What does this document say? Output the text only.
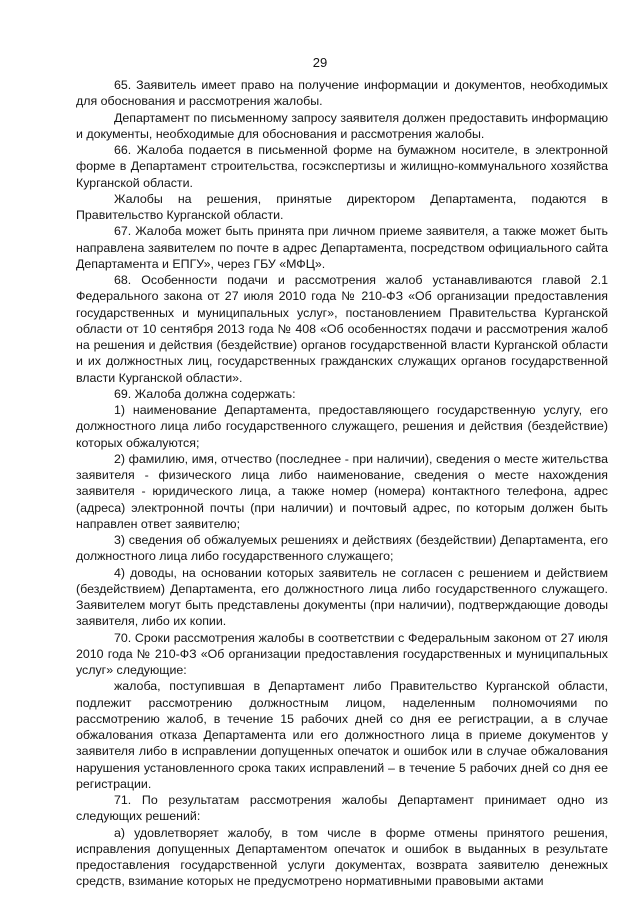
29

65. Заявитель имеет право на получение информации и документов, необходимых для обоснования и рассмотрения жалобы.

Департамент по письменному запросу заявителя должен предоставить информацию и документы, необходимые для обоснования и рассмотрения жалобы.

66. Жалоба подается в письменной форме на бумажном носителе, в электронной форме в Департамент строительства, госэкспертизы и жилищно-коммунального хозяйства Курганской области.

Жалобы на решения, принятые директором Департамента, подаются в Правительство Курганской области.

67. Жалоба может быть принята при личном приеме заявителя, а также может быть направлена заявителем по почте в адрес Департамента, посредством официального сайта Департамента и ЕПГУ», через ГБУ «МФЦ».

68. Особенности подачи и рассмотрения жалоб устанавливаются главой 2.1 Федерального закона от 27 июля 2010 года № 210-ФЗ «Об организации предоставления государственных и муниципальных услуг», постановлением Правительства Курганской области от 10 сентября 2013 года № 408 «Об особенностях подачи и рассмотрения жалоб на решения и действия (бездействие) органов государственной власти Курганской области и их должностных лиц, государственных гражданских служащих органов государственной власти Курганской области».

69. Жалоба должна содержать:

1) наименование Департамента, предоставляющего государственную услугу, его должностного лица либо государственного служащего, решения и действия (бездействие) которых обжалуются;

2) фамилию, имя, отчество (последнее - при наличии), сведения о месте жительства заявителя - физического лица либо наименование, сведения о месте нахождения заявителя - юридического лица, а также номер (номера) контактного телефона, адрес (адреса) электронной почты (при наличии) и почтовый адрес, по которым должен быть направлен ответ заявителю;

3) сведения об обжалуемых решениях и действиях (бездействии) Департамента, его должностного лица либо государственного служащего;

4) доводы, на основании которых заявитель не согласен с решением и действием (бездействием) Департамента, его должностного лица либо государственного служащего. Заявителем могут быть представлены документы (при наличии), подтверждающие доводы заявителя, либо их копии.

70. Сроки рассмотрения жалобы в соответствии с Федеральным законом от 27 июля 2010 года № 210-ФЗ «Об организации предоставления государственных и муниципальных услуг» следующие:

жалоба, поступившая в Департамент либо Правительство Курганской области, подлежит рассмотрению должностным лицом, наделенным полномочиями по рассмотрению жалоб, в течение 15 рабочих дней со дня ее регистрации, а в случае обжалования отказа Департамента или его должностного лица в приеме документов у заявителя либо в исправлении допущенных опечаток и ошибок или в случае обжалования нарушения установленного срока таких исправлений – в течение 5 рабочих дней со дня ее регистрации.

71. По результатам рассмотрения жалобы Департамент принимает одно из следующих решений:

а) удовлетворяет жалобу, в том числе в форме отмены принятого решения, исправления допущенных Департаментом опечаток и ошибок в выданных в результате предоставления государственной услуги документах, возврата заявителю денежных средств, взимание которых не предусмотрено нормативными правовыми актами
